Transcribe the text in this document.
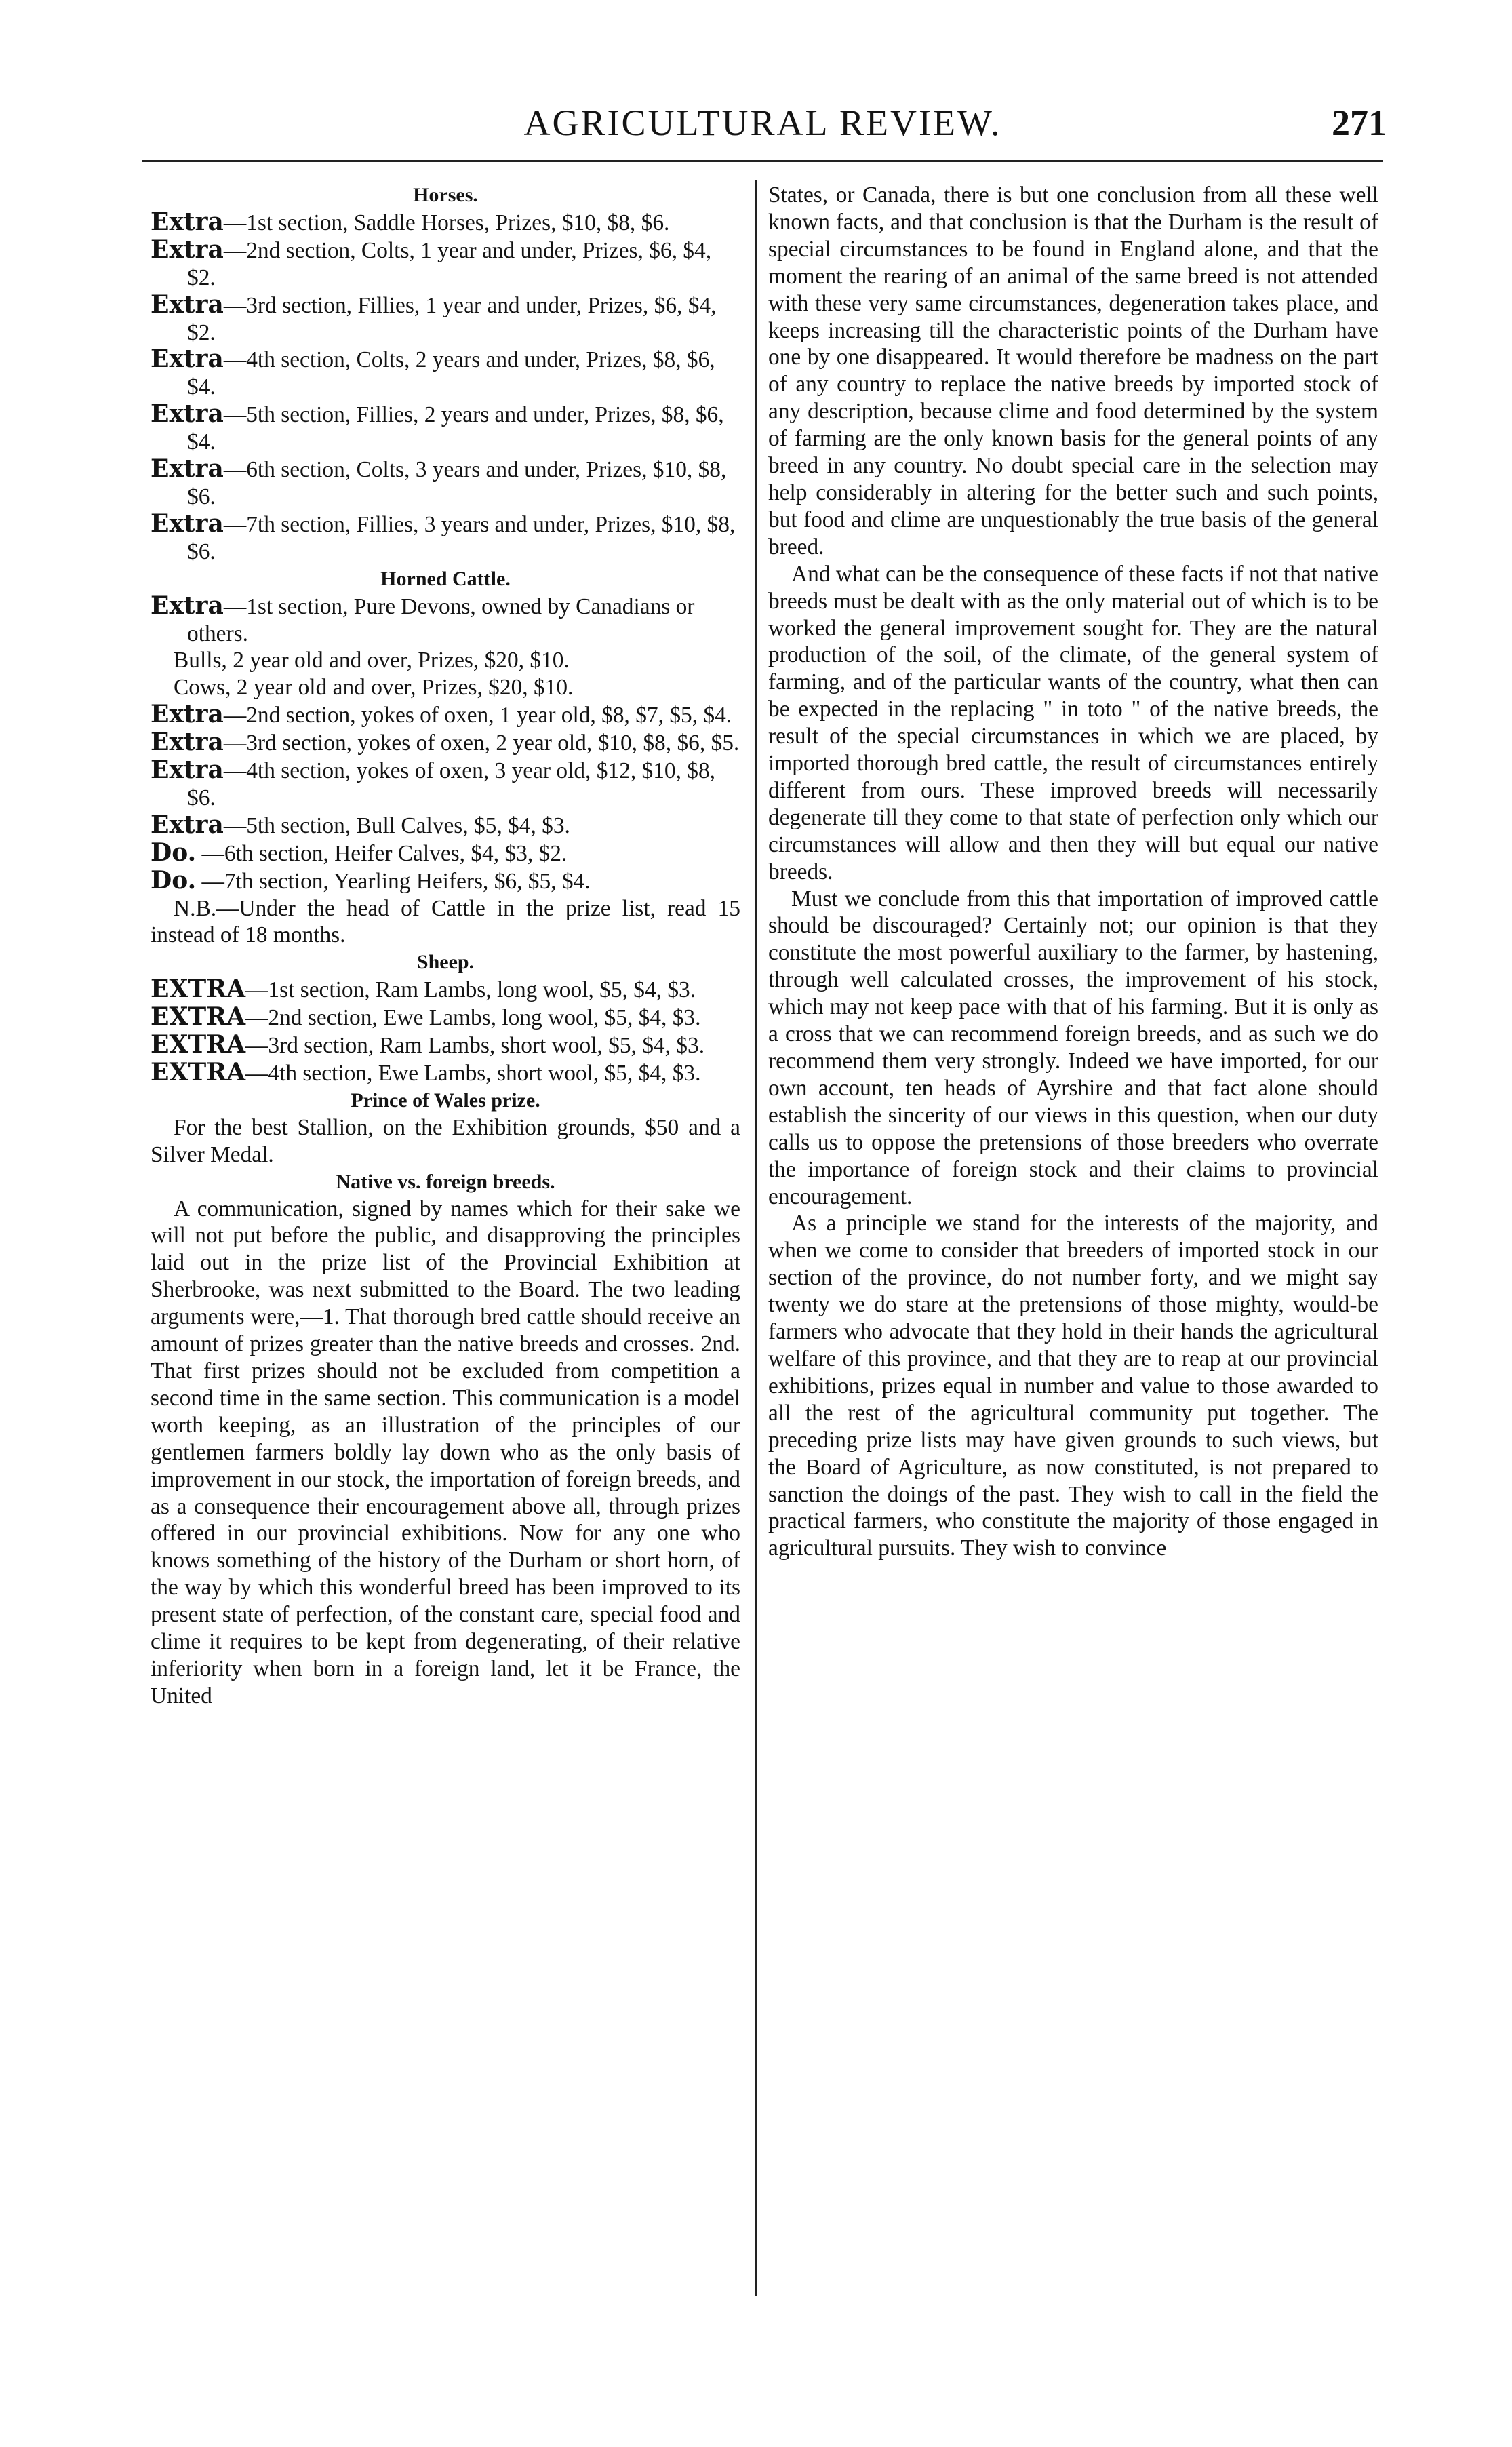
AGRICULTURAL REVIEW.	271

Horses.

Extra—1st section, Saddle Horses, Prizes, $10, $8, $6.

Extra—2nd section, Colts, 1 year and under, Prizes, $6, $4, $2.

Extra—3rd section, Fillies, 1 year and under, Prizes, $6, $4, $2.

Extra—4th section, Colts, 2 years and under, Prizes, $8, $6, $4.

Extra—5th section, Fillies, 2 years and under, Prizes, $8, $6, $4.

Extra—6th section, Colts, 3 years and under, Prizes, $10, $8, $6.

Extra—7th section, Fillies, 3 years and under, Prizes, $10, $8, $6.

Horned Cattle.

Extra—1st section, Pure Devons, owned by Canadians or others.

Bulls, 2 year old and over, Prizes, $20, $10.

Cows, 2 year old and over, Prizes, $20, $10.

Extra—2nd section, yokes of oxen, 1 year old, $8, $7, $5, $4.

Extra—3rd section, yokes of oxen, 2 year old, $10, $8, $6, $5.

Extra—4th section, yokes of oxen, 3 year old, $12, $10, $8, $6.

Extra—5th section, Bull Calves, $5, $4, $3.

Do. —6th section, Heifer Calves, $4, $3, $2.

Do. —7th section, Yearling Heifers, $6, $5, $4.

N.B.—Under the head of Cattle in the prize list, read 15 instead of 18 months.

Sheep.

EXTRA—1st section, Ram Lambs, long wool, $5, $4, $3.

EXTRA—2nd section, Ewe Lambs, long wool, $5, $4, $3.

EXTRA—3rd section, Ram Lambs, short wool, $5, $4, $3.

EXTRA—4th section, Ewe Lambs, short wool, $5, $4, $3.

Prince of Wales prize.

For the best Stallion, on the Exhibition grounds, $50 and a Silver Medal.

Native vs. foreign breeds.

A communication, signed by names which for their sake we will not put before the public, and disapproving the principles laid out in the prize list of the Provincial Exhibition at Sherbrooke, was next submitted to the Board. The two leading arguments were,—1. That thorough bred cattle should receive an amount of prizes greater than the native breeds and crosses. 2nd. That first prizes should not be excluded from competition a second time in the same section. This communication is a model worth keeping, as an illustration of the principles of our gentlemen farmers boldly lay down who as the only basis of improvement in our stock, the importation of foreign breeds, and as a consequence their encouragement above all, through prizes offered in our provincial exhibitions. Now for any one who knows something of the history of the Durham or short horn, of the way by which this wonderful breed has been improved to its present state of perfection, of the constant care, special food and clime it requires to be kept from degenerating, of their relative inferiority when born in a foreign land, let it be France, the United

States, or Canada, there is but one conclusion from all these well known facts, and that conclusion is that the Durham is the result of special circumstances to be found in England alone, and that the moment the rearing of an animal of the same breed is not attended with these very same circumstances, degeneration takes place, and keeps increasing till the characteristic points of the Durham have one by one disappeared. It would therefore be madness on the part of any country to replace the native breeds by imported stock of any description, because clime and food determined by the system of farming are the only known basis for the general points of any breed in any country. No doubt special care in the selection may help considerably in altering for the better such and such points, but food and clime are unquestionably the true basis of the general breed.

And what can be the consequence of these facts if not that native breeds must be dealt with as the only material out of which is to be worked the general improvement sought for. They are the natural production of the soil, of the climate, of the general system of farming, and of the particular wants of the country, what then can be expected in the replacing " in toto " of the native breeds, the result of the special circumstances in which we are placed, by imported thorough bred cattle, the result of circumstances entirely different from ours. These improved breeds will necessarily degenerate till they come to that state of perfection only which our circumstances will allow and then they will but equal our native breeds.

Must we conclude from this that importation of improved cattle should be discouraged? Certainly not; our opinion is that they constitute the most powerful auxiliary to the farmer, by hastening, through well calculated crosses, the improvement of his stock, which may not keep pace with that of his farming. But it is only as a cross that we can recommend foreign breeds, and as such we do recommend them very strongly. Indeed we have imported, for our own account, ten heads of Ayrshire and that fact alone should establish the sincerity of our views in this question, when our duty calls us to oppose the pretensions of those breeders who overrate the importance of foreign stock and their claims to provincial encouragement.

As a principle we stand for the interests of the majority, and when we come to consider that breeders of imported stock in our section of the province, do not number forty, and we might say twenty we do stare at the pretensions of those mighty, would-be farmers who advocate that they hold in their hands the agricultural welfare of this province, and that they are to reap at our provincial exhibitions, prizes equal in number and value to those awarded to all the rest of the agricultural community put together. The preceding prize lists may have given grounds to such views, but the Board of Agriculture, as now constituted, is not prepared to sanction the doings of the past. They wish to call in the field the practical farmers, who constitute the majority of those engaged in agricultural pursuits. They wish to convince
